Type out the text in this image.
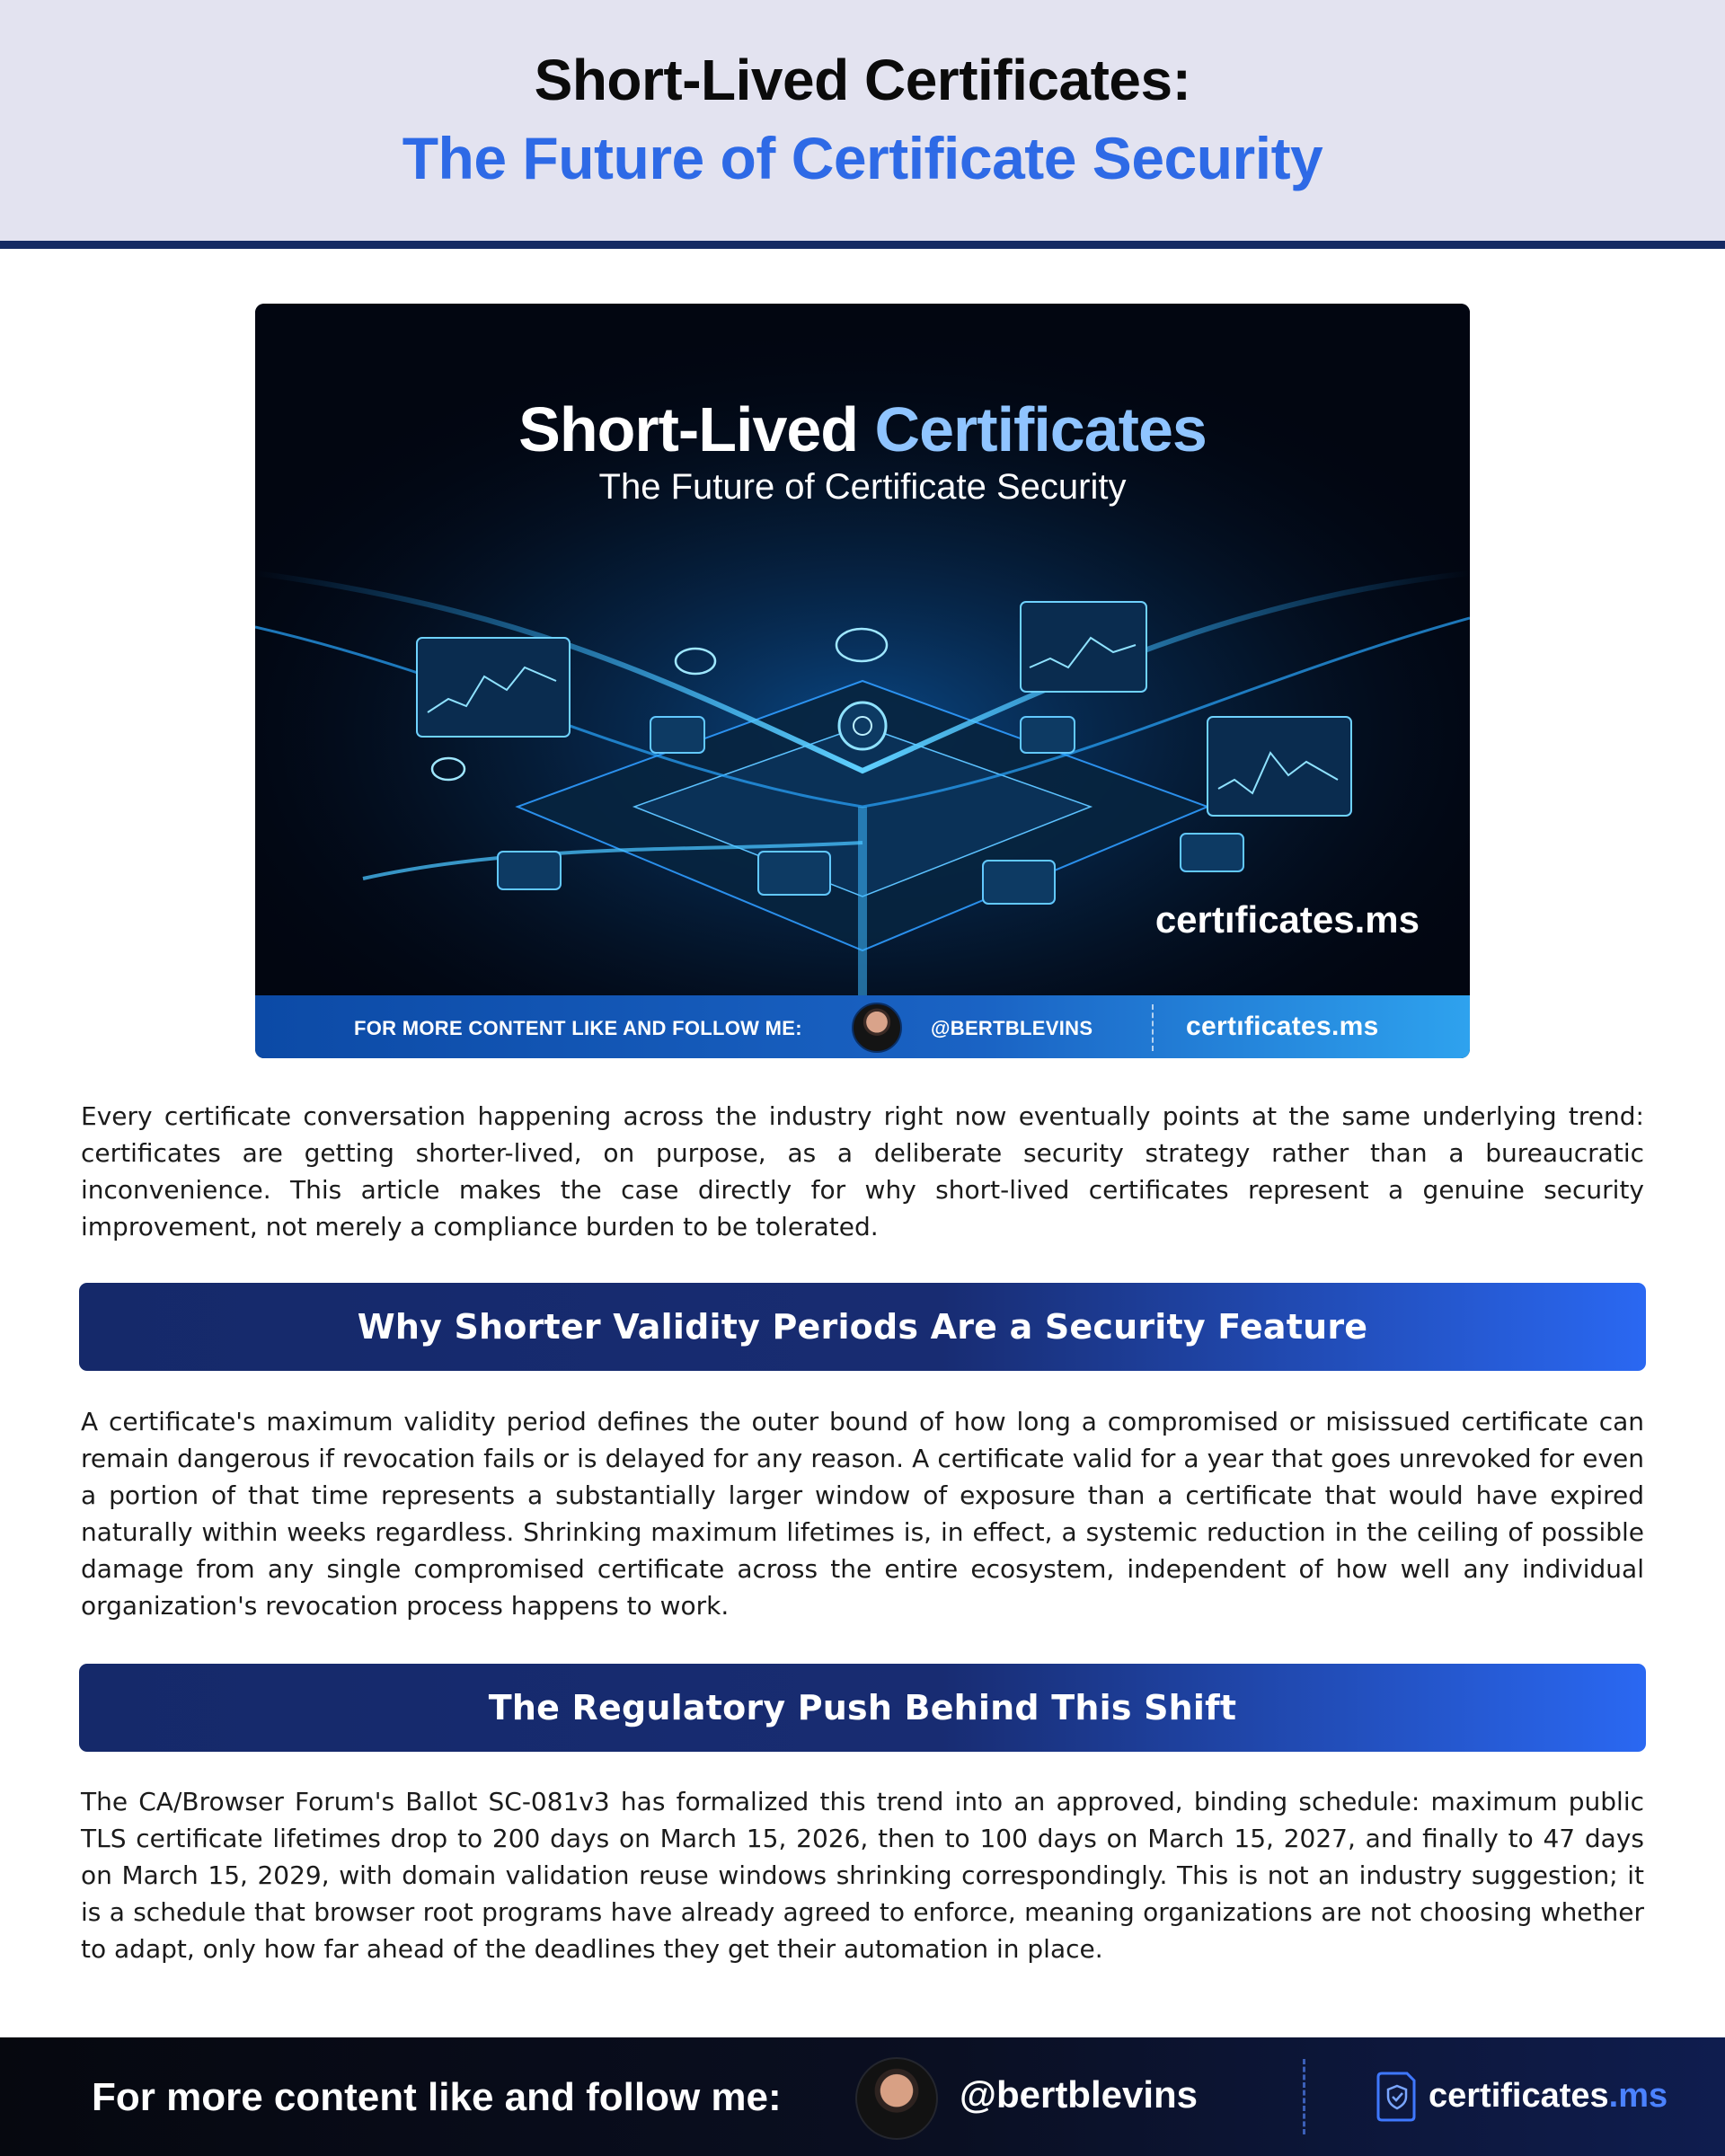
Short-Lived Certificates:
The Future of Certificate Security
Short-Lived Certificates
The Future of Certificate Security
certıficates.ms
FOR MORE CONTENT LIKE AND FOLLOW ME:	@BERTBLEVINS	certıficates.ms

Every certificate conversation happening across the industry right now eventually points at the same underlying trend: certificates are getting shorter-lived, on purpose, as a deliberate security strategy rather than a bureaucratic inconvenience. This article makes the case directly for why short-lived certificates represent a genuine security improvement, not merely a compliance burden to be tolerated.

Why Shorter Validity Periods Are a Security Feature

A certificate's maximum validity period defines the outer bound of how long a compromised or misissued certificate can remain dangerous if revocation fails or is delayed for any reason. A certificate valid for a year that goes unrevoked for even a portion of that time represents a substantially larger window of exposure than a certificate that would have expired naturally within weeks regardless. Shrinking maximum lifetimes is, in effect, a systemic reduction in the ceiling of possible damage from any single compromised certificate across the entire ecosystem, independent of how well any individual organization's revocation process happens to work.

The Regulatory Push Behind This Shift

The CA/Browser Forum's Ballot SC-081v3 has formalized this trend into an approved, binding schedule: maximum public TLS certificate lifetimes drop to 200 days on March 15, 2026, then to 100 days on March 15, 2027, and finally to 47 days on March 15, 2029, with domain validation reuse windows shrinking correspondingly. This is not an industry suggestion; it is a schedule that browser root programs have already agreed to enforce, meaning organizations are not choosing whether to adapt, only how far ahead of the deadlines they get their automation in place.

For more content like and follow me:	@bertblevins	certificates.ms
